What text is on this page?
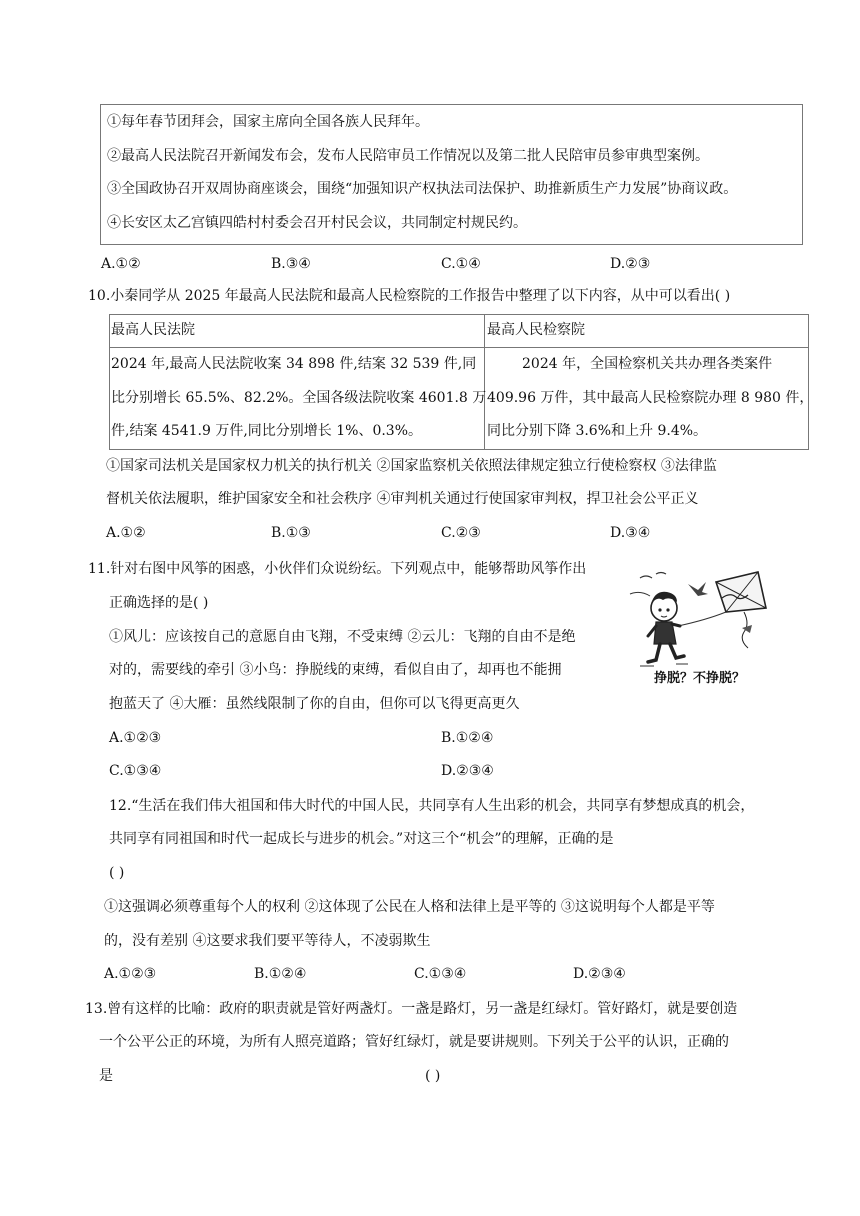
①每年春节团拜会，国家主席向全国各族人民拜年。
②最高人民法院召开新闻发布会，发布人民陪审员工作情况以及第二批人民陪审员参审典型案例。
③全国政协召开双周协商座谈会，围绕“加强知识产权执法司法保护、助推新质生产力发展”协商议政。
④长安区太乙宫镇四皓村村委会召开村民会议，共同制定村规民约。
A.①②	B.③④	C.①④	D.②③
10.小秦同学从 2025 年最高人民法院和最高人民检察院的工作报告中整理了以下内容，从中可以看出( )
最高人民法院	最高人民检察院
2024 年,最高人民法院收案 34 898 件,结案 32 539 件,同
比分别增长 65.5%、82.2%。全国各级法院收案 4601.8 万
件,结案 4541.9 万件,同比分别增长 1%、0.3%。
2024 年，全国检察机关共办理各类案件
409.96 万件，其中最高人民检察院办理 8 980 件，
同比分别下降 3.6%和上升 9.4%。
①国家司法机关是国家权力机关的执行机关 ②国家监察机关依照法律规定独立行使检察权 ③法律监
督机关依法履职，维护国家安全和社会秩序 ④审判机关通过行使国家审判权，捍卫社会公平正义
A.①②	B.①③	C.②③	D.③④
11.针对右图中风筝的困惑，小伙伴们众说纷纭。下列观点中，能够帮助风筝作出
正确选择的是( )
①风儿：应该按自己的意愿自由飞翔，不受束缚 ②云儿：飞翔的自由不是绝
对的，需要线的牵引 ③小鸟：挣脱线的束缚，看似自由了，却再也不能拥
抱蓝天了 ④大雁：虽然线限制了你的自由，但你可以飞得更高更久
A.①②③	B.①②④
C.①③④	D.②③④
挣脱？不挣脱？
12.“生活在我们伟大祖国和伟大时代的中国人民，共同享有人生出彩的机会，共同享有梦想成真的机会，
共同享有同祖国和时代一起成长与进步的机会。”对这三个“机会”的理解，正确的是
( )
①这强调必须尊重每个人的权利 ②这体现了公民在人格和法律上是平等的 ③这说明每个人都是平等
的，没有差别 ④这要求我们要平等待人，不凌弱欺生
A.①②③	B.①②④	C.①③④	D.②③④
13.曾有这样的比喻：政府的职责就是管好两盏灯。一盏是路灯，另一盏是红绿灯。管好路灯，就是要创造
一个公平公正的环境，为所有人照亮道路；管好红绿灯，就是要讲规则。下列关于公平的认识，正确的
是	( )
